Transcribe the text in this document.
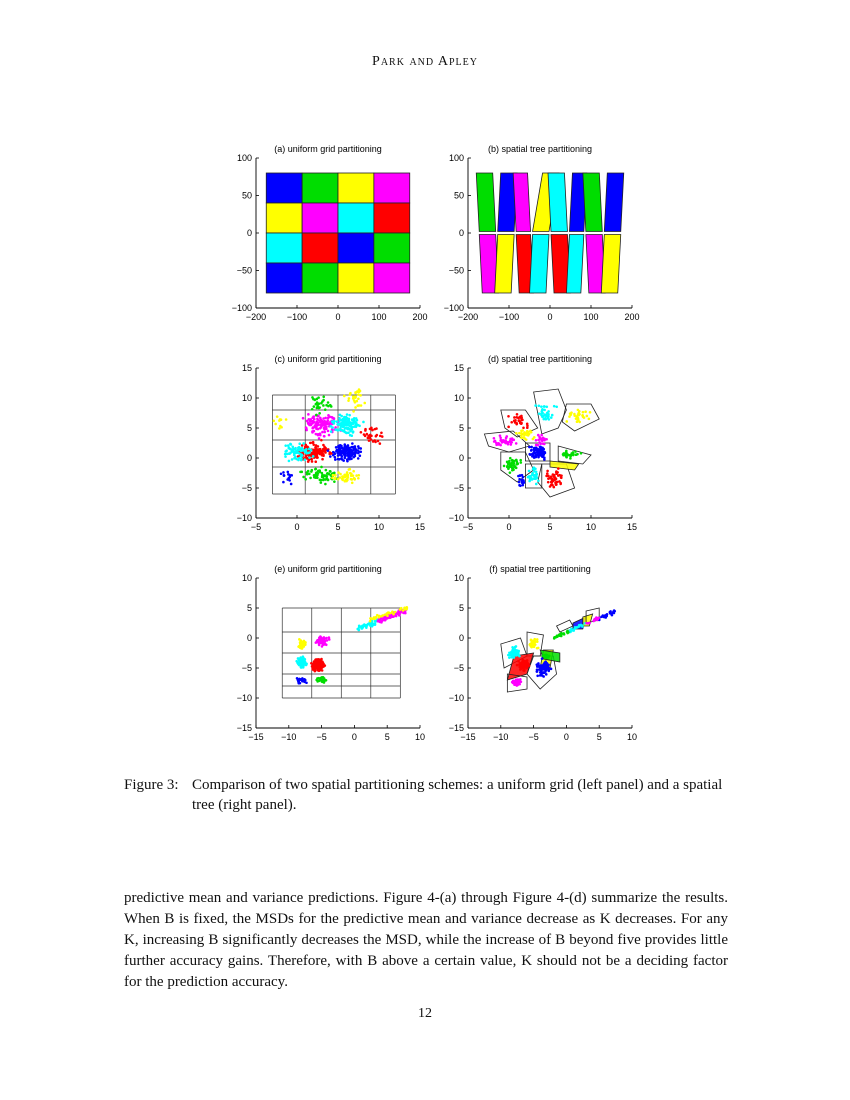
Park and Apley
(a) uniform grid partitioning
−200 −100	0	100	200
−100
−50
0
50
100
(b) spatial tree partitioning
−200 −100	0	100	200
−100
−50
0
50
100
(c) uniform grid partitioning
−5	0	5	10	15
−10
−5
0
5
10
15
(d) spatial tree partitioning
−5	0	5	10	15
−10
−5
0
5
10
15
(e) uniform grid partitioning
−15 −10 −5	0	5	10
−15
−10
−5
0
5
10
(f) spatial tree partitioning
−15 −10 −5	0	5	10
−15
−10
−5
0
5
10
Figure 3: Comparison of two spatial partitioning schemes: a uniform grid (left panel) and a spatial tree (right panel).
predictive mean and variance predictions. Figure 4-(a) through Figure 4-(d) summarize the results. When B is fixed, the MSDs for the predictive mean and variance decrease as K decreases. For any K, increasing B significantly decreases the MSD, while the increase of B beyond five provides little further accuracy gains. Therefore, with B above a certain value, K should not be a deciding factor for the prediction accuracy.
12
